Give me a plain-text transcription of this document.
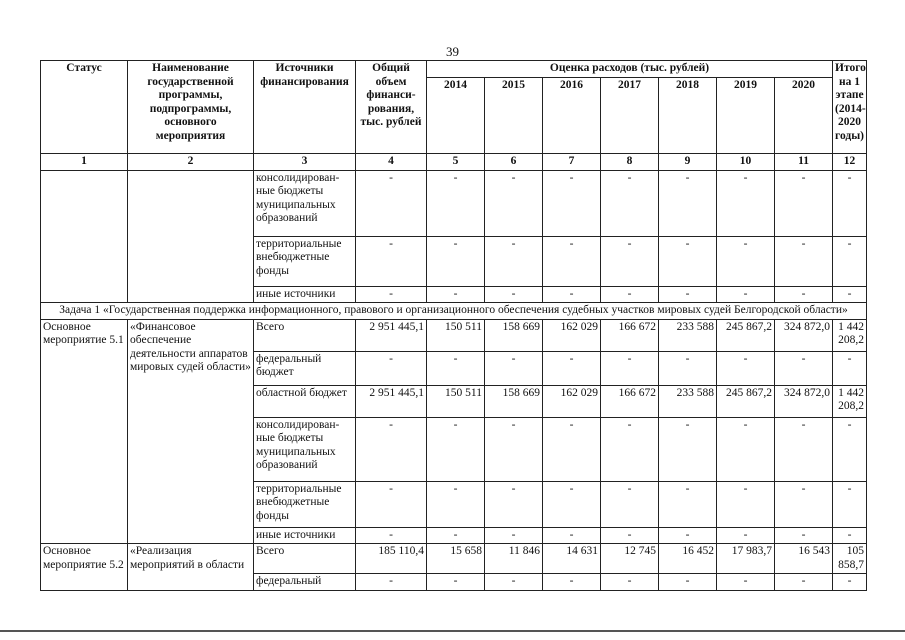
39
Статус	Наименование государственной программы, подпрограммы, основного мероприятия	Источники финансирования	Общий объем финанси-рования, тыс. рублей	Оценка расходов (тыс. рублей)							Итого на 1 этапе (2014-2020 годы)
				2014	2015	2016	2017	2018	2019	2020	
1	2	3	4	5	6	7	8	9	10	11	12
		консолидирован-ные бюджеты муниципальных образований	-	-	-	-	-	-	-	-	-
		территориальные внебюджетные фонды	-	-	-	-	-	-	-	-	-
		иные источники	-	-	-	-	-	-	-	-	-
Задача 1 «Государственная поддержка информационного, правового и организационного обеспечения судебных участков мировых судей Белгородской области»											
Основное мероприятие 5.1	«Финансовое обеспечение деятельности аппаратов мировых судей области»	Всего	2 951 445,1	150 511	158 669	162 029	166 672	233 588	245 867,2	324 872,0	1 442 208,2
		федеральный бюджет	-	-	-	-	-	-	-	-	-
		областной бюджет	2 951 445,1	150 511	158 669	162 029	166 672	233 588	245 867,2	324 872,0	1 442 208,2
		консолидирован-ные бюджеты муниципальных образований	-	-	-	-	-	-	-	-	-
		территориальные внебюджетные фонды	-	-	-	-	-	-	-	-	-
		иные источники	-	-	-	-	-	-	-	-	-
Основное мероприятие 5.2	«Реализация мероприятий в области	Всего	185 110,4	15 658	11 846	14 631	12 745	16 452	17 983,7	16 543	105 858,7
		федеральный	-	-	-	-	-	-	-	-	-
